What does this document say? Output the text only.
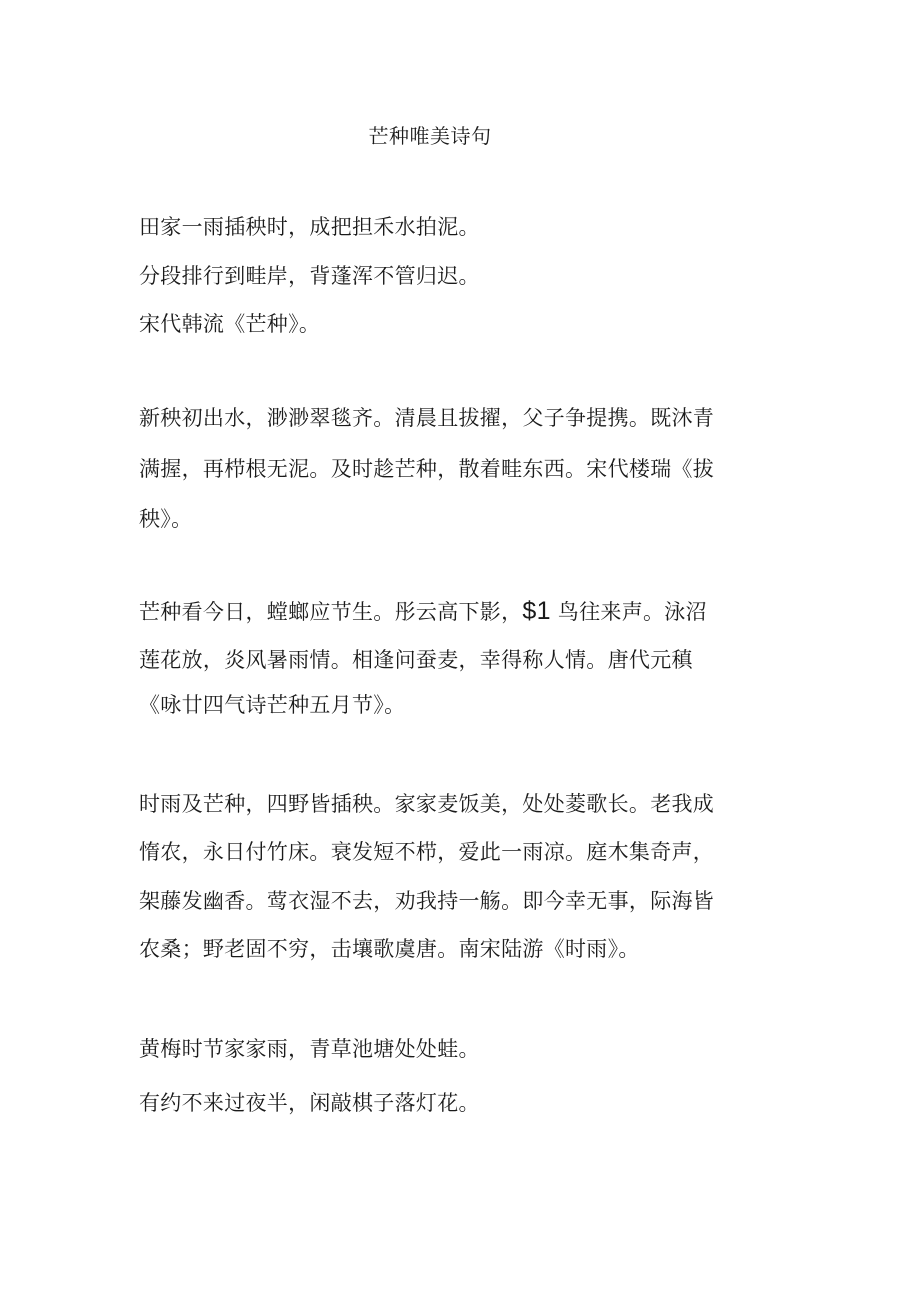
芒种唯美诗句
田家一雨插秧时，成把担禾水拍泥。
分段排行到畦岸，背蓬浑不管归迟。
宋代韩流《芒种》。
新秧初出水，渺渺翠毯齐。清晨且拔擢，父子争提携。既沐青
满握，再栉根无泥。及时趁芒种，散着畦东西。宋代楼瑞《拔
秧》。
芒种看今日，螳螂应节生。彤云高下影，$1 鸟往来声。泳沼
莲花放，炎风暑雨情。相逢问蚕麦，幸得称人情。唐代元稹
《咏廿四气诗芒种五月节》。
时雨及芒种，四野皆插秧。家家麦饭美，处处菱歌长。老我成
惰农，永日付竹床。衰发短不栉，爱此一雨凉。庭木集奇声，
架藤发幽香。莺衣湿不去，劝我持一觞。即今幸无事，际海皆
农桑；野老固不穷，击壤歌虞唐。南宋陆游《时雨》。
黄梅时节家家雨，青草池塘处处蛙。
有约不来过夜半，闲敲棋子落灯花。
